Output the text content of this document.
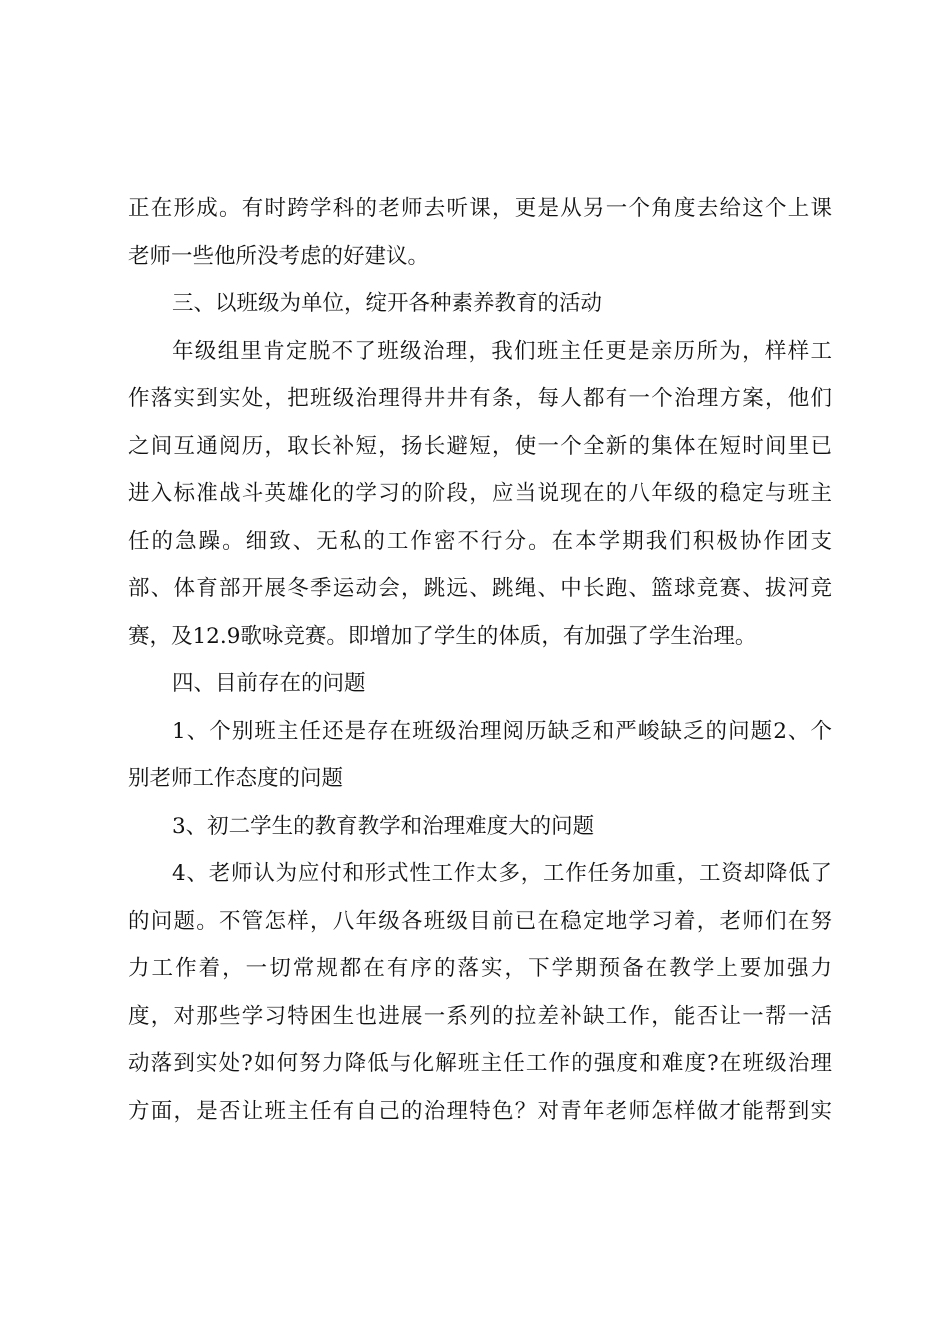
正在形成。有时跨学科的老师去听课，更是从另一个角度去给这个上课
老师一些他所没考虑的好建议。
三、以班级为单位，绽开各种素养教育的活动
年级组里肯定脱不了班级治理，我们班主任更是亲历所为，样样工
作落实到实处，把班级治理得井井有条，每人都有一个治理方案，他们
之间互通阅历，取长补短，扬长避短，使一个全新的集体在短时间里已
进入标准战斗英雄化的学习的阶段，应当说现在的八年级的稳定与班主
任的急躁。细致、无私的工作密不行分。在本学期我们积极协作团支
部、体育部开展冬季运动会，跳远、跳绳、中长跑、篮球竞赛、拔河竞
赛，及12.9歌咏竞赛。即增加了学生的体质，有加强了学生治理。
四、目前存在的问题
1、个别班主任还是存在班级治理阅历缺乏和严峻缺乏的问题2、个
别老师工作态度的问题
3、初二学生的教育教学和治理难度大的问题
4、老师认为应付和形式性工作太多，工作任务加重，工资却降低了
的问题。不管怎样，八年级各班级目前已在稳定地学习着，老师们在努
力工作着，一切常规都在有序的落实，下学期预备在教学上要加强力
度，对那些学习特困生也进展一系列的拉差补缺工作，能否让一帮一活
动落到实处?如何努力降低与化解班主任工作的强度和难度?在班级治理
方面，是否让班主任有自己的治理特色？对青年老师怎样做才能帮到实
